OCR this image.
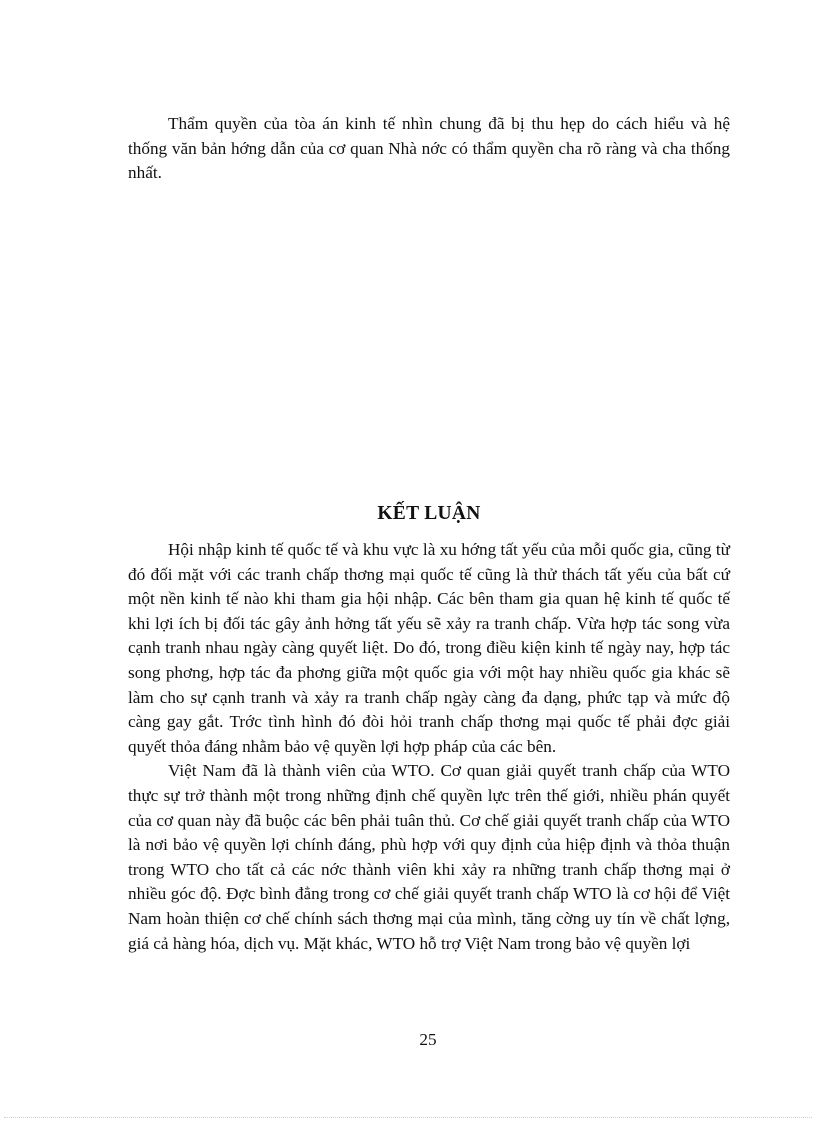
Thẩm quyền của tòa án kinh tế nhìn chung đã bị thu hẹp do cách hiểu và hệ thống văn bản hớng dẫn của cơ quan Nhà nớc có thẩm quyền cha rõ ràng và cha thống nhất.

KẾT LUẬN

Hội nhập kinh tế quốc tế và khu vực là xu hớng tất yếu của mỗi quốc gia, cũng từ đó đối mặt với các tranh chấp thơng mại quốc tế cũng là thử thách tất yếu của bất cứ một nền kinh tế nào khi tham gia hội nhập. Các bên tham gia quan hệ kinh tế quốc tế khi lợi ích bị đối tác gây ảnh hởng tất yếu sẽ xảy ra tranh chấp. Vừa hợp tác song vừa cạnh tranh nhau ngày càng quyết liệt. Do đó, trong điều kiện kinh tế ngày nay, hợp tác song phơng, hợp tác đa phơng giữa một quốc gia với một hay nhiều quốc gia khác sẽ làm cho sự cạnh tranh và xảy ra tranh chấp ngày càng đa dạng, phức tạp và mức độ càng gay gắt. Trớc tình hình đó đòi hỏi tranh chấp thơng mại quốc tế phải đợc giải quyết thỏa đáng nhằm bảo vệ quyền lợi hợp pháp của các bên.

Việt Nam đã là thành viên của WTO. Cơ quan giải quyết tranh chấp của WTO thực sự trở thành một trong những định chế quyền lực trên thế giới, nhiều phán quyết của cơ quan này đã buộc các bên phải tuân thủ. Cơ chế giải quyết tranh chấp của WTO là nơi bảo vệ quyền lợi chính đáng, phù hợp với quy định của hiệp định và thỏa thuận trong WTO cho tất cả các nớc thành viên khi xảy ra những tranh chấp thơng mại ở nhiều góc độ. Đợc bình đẳng trong cơ chế giải quyết tranh chấp WTO là cơ hội để Việt Nam hoàn thiện cơ chế chính sách thơng mại của mình, tăng cờng uy tín về chất lợng, giá cả hàng hóa, dịch vụ. Mặt khác, WTO hỗ trợ Việt Nam trong bảo vệ quyền lợi

25
